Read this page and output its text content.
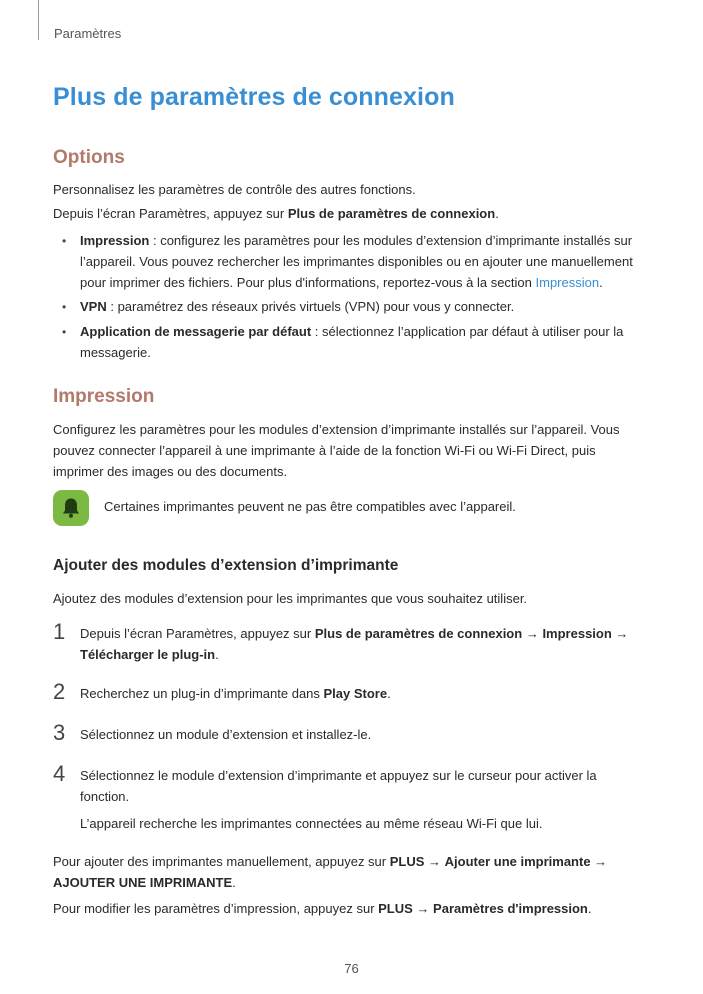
Paramètres
Plus de paramètres de connexion
Options

Personnalisez les paramètres de contrôle des autres fonctions.

Depuis l’écran Paramètres, appuyez sur Plus de paramètres de connexion.

• Impression : configurez les paramètres pour les modules d’extension d’imprimante installés sur
l’appareil. Vous pouvez rechercher les imprimantes disponibles ou en ajouter une manuellement
pour imprimer des fichiers. Pour plus d'informations, reportez-vous à la section Impression.

• VPN : paramétrez des réseaux privés virtuels (VPN) pour vous y connecter.

• Application de messagerie par défaut : sélectionnez l’application par défaut à utiliser pour la
messagerie.

Impression

Configurez les paramètres pour les modules d’extension d’imprimante installés sur l’appareil. Vous
pouvez connecter l’appareil à une imprimante à l’aide de la fonction Wi-Fi ou Wi-Fi Direct, puis
imprimer des images ou des documents.

Certaines imprimantes peuvent ne pas être compatibles avec l’appareil.

Ajouter des modules d’extension d’imprimante

Ajoutez des modules d’extension pour les imprimantes que vous souhaitez utiliser.

1 Depuis l’écran Paramètres, appuyez sur Plus de paramètres de connexion → Impression →
Télécharger le plug-in.

2 Recherchez un plug-in d’imprimante dans Play Store.

3 Sélectionnez un module d’extension et installez-le.

4 Sélectionnez le module d’extension d’imprimante et appuyez sur le curseur pour activer la
fonction.

L’appareil recherche les imprimantes connectées au même réseau Wi-Fi que lui.

Pour ajouter des imprimantes manuellement, appuyez sur PLUS → Ajouter une imprimante →
AJOUTER UNE IMPRIMANTE.

Pour modifier les paramètres d’impression, appuyez sur PLUS → Paramètres d'impression.

76
